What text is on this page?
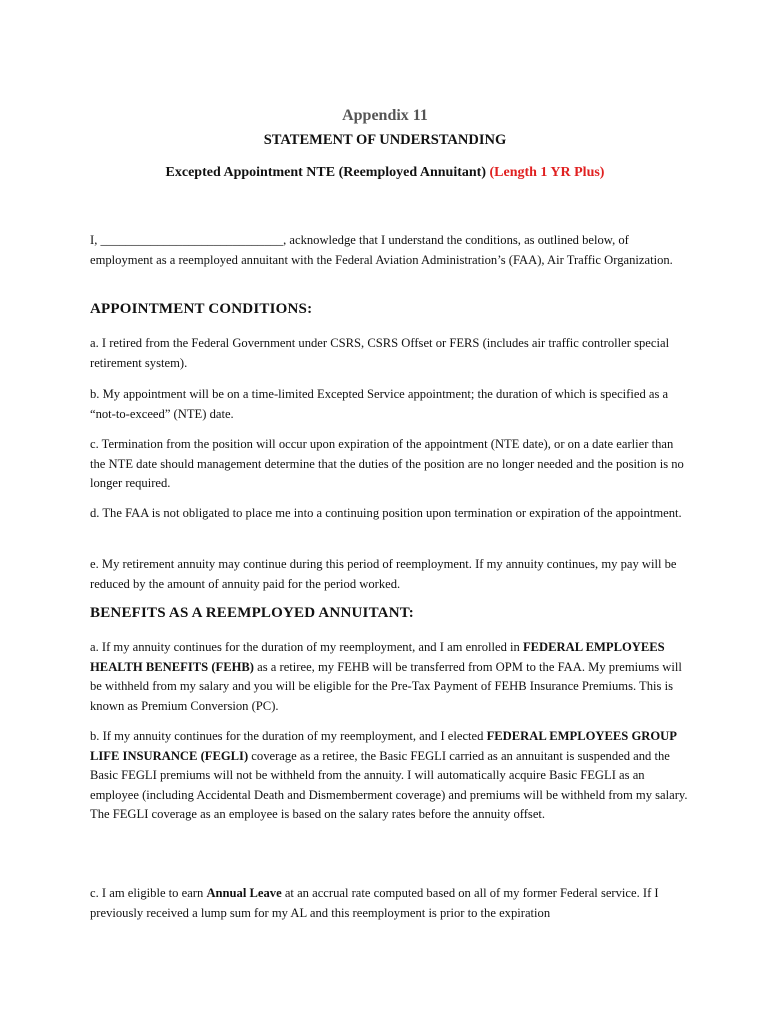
Appendix 11
STATEMENT OF UNDERSTANDING
Excepted Appointment NTE (Reemployed Annuitant) (Length 1 YR Plus)

I, _____________________________, acknowledge that I understand the conditions, as outlined below, of employment as a reemployed annuitant with the Federal Aviation Administration’s (FAA), Air Traffic Organization.

APPOINTMENT CONDITIONS:

a. I retired from the Federal Government under CSRS, CSRS Offset or FERS (includes air traffic controller special retirement system).

b. My appointment will be on a time-limited Excepted Service appointment; the duration of which is specified as a “not-to-exceed” (NTE) date.

c. Termination from the position will occur upon expiration of the appointment (NTE date), or on a date earlier than the NTE date should management determine that the duties of the position are no longer needed and the position is no longer required.

d. The FAA is not obligated to place me into a continuing position upon termination or expiration of the appointment.

e. My retirement annuity may continue during this period of reemployment. If my annuity continues, my pay will be reduced by the amount of annuity paid for the period worked.

BENEFITS AS A REEMPLOYED ANNUITANT:

a. If my annuity continues for the duration of my reemployment, and I am enrolled in FEDERAL EMPLOYEES HEALTH BENEFITS (FEHB) as a retiree, my FEHB will be transferred from OPM to the FAA. My premiums will be withheld from my salary and you will be eligible for the Pre-Tax Payment of FEHB Insurance Premiums. This is known as Premium Conversion (PC).

b. If my annuity continues for the duration of my reemployment, and I elected FEDERAL EMPLOYEES GROUP LIFE INSURANCE (FEGLI) coverage as a retiree, the Basic FEGLI carried as an annuitant is suspended and the Basic FEGLI premiums will not be withheld from the annuity. I will automatically acquire Basic FEGLI as an employee (including Accidental Death and Dismemberment coverage) and premiums will be withheld from my salary. The FEGLI coverage as an employee is based on the salary rates before the annuity offset.

c. I am eligible to earn Annual Leave at an accrual rate computed based on all of my former Federal service. If I previously received a lump sum for my AL and this reemployment is prior to the expiration
